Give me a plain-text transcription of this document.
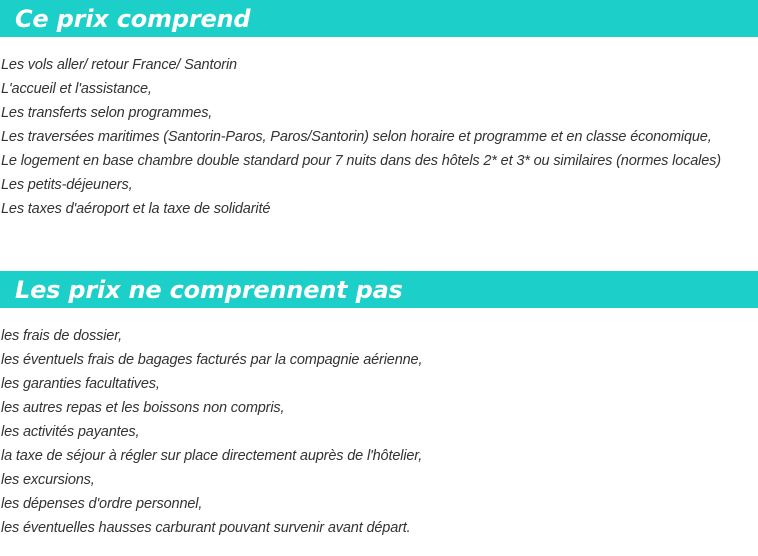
Ce prix comprend
Les vols aller/ retour France/ Santorin
L'accueil et l'assistance,
Les transferts selon programmes,
Les traversées maritimes (Santorin-Paros, Paros/Santorin) selon horaire et programme et en classe économique,
Le logement en base chambre double standard pour 7 nuits dans des hôtels 2* et 3* ou similaires (normes locales)
Les petits-déjeuners,
Les taxes d'aéroport et la taxe de solidarité
Les prix ne comprennent pas
les frais de dossier,
les éventuels frais de bagages facturés par la compagnie aérienne,
les garanties facultatives,
les autres repas et les boissons non compris,
les activités payantes,
la taxe de séjour à régler sur place directement auprès de l'hôtelier,
les excursions,
les dépenses d'ordre personnel,
les éventuelles hausses carburant pouvant survenir avant départ.
